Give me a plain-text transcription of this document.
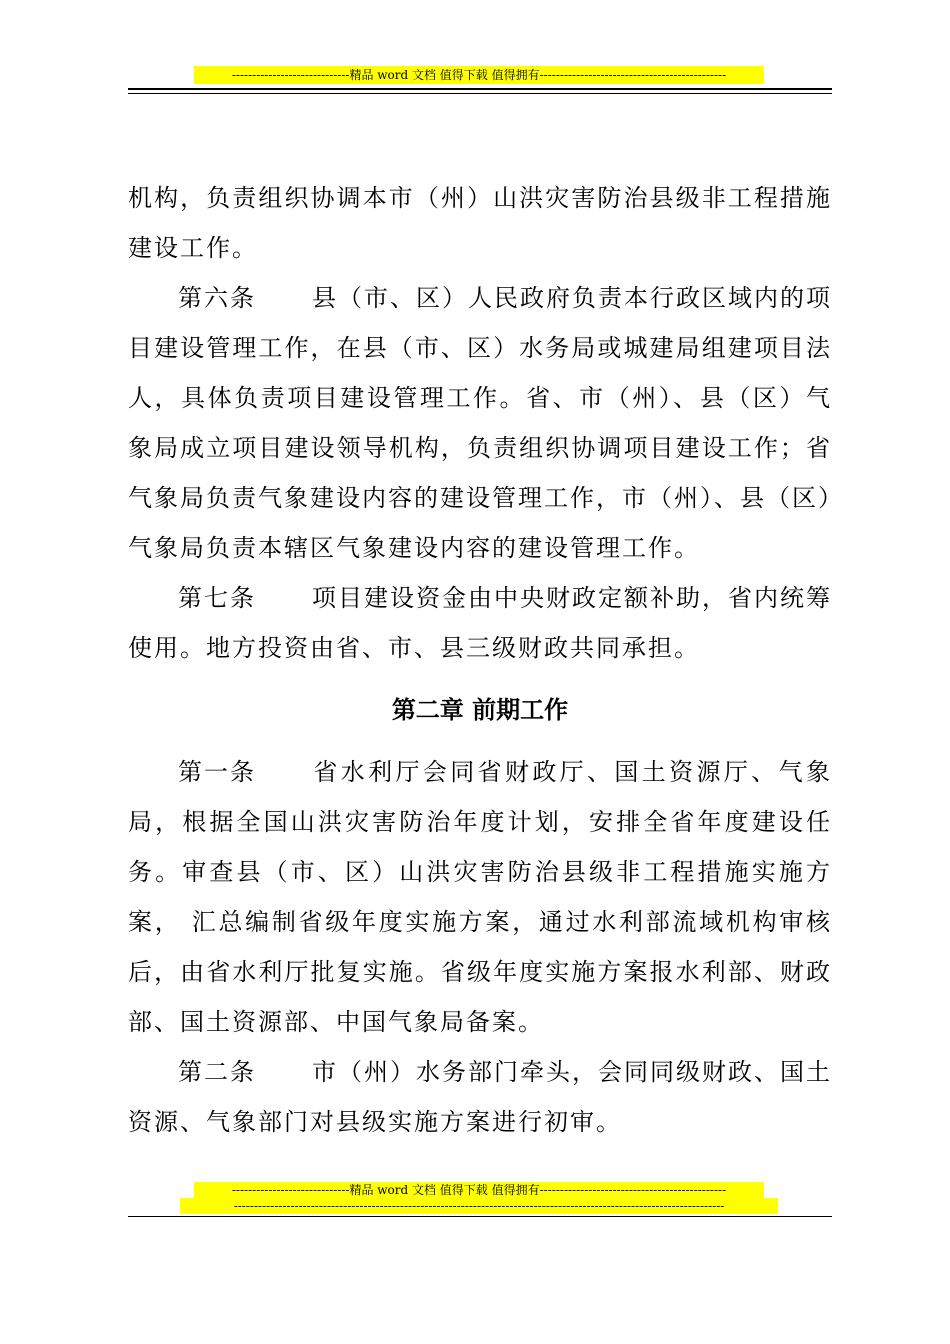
-----------------------------精品 word 文档 值得下载 值得拥有----------------------------------------------

机构，负责组织协调本市（州）山洪灾害防治县级非工程措施建设工作。

第六条 县（市、区）人民政府负责本行政区域内的项目建设管理工作，在县（市、区）水务局或城建局组建项目法人，具体负责项目建设管理工作。省、市（州）、县（区）气象局成立项目建设领导机构，负责组织协调项目建设工作；省气象局负责气象建设内容的建设管理工作，市（州）、县（区）气象局负责本辖区气象建设内容的建设管理工作。

第七条 项目建设资金由中央财政定额补助，省内统筹使用。地方投资由省、市、县三级财政共同承担。

第二章 前期工作

第一条 省水利厅会同省财政厅、国土资源厅、气象局，根据全国山洪灾害防治年度计划，安排全省年度建设任务。审查县（市、区）山洪灾害防治县级非工程措施实施方案， 汇总编制省级年度实施方案，通过水利部流域机构审核后，由省水利厅批复实施。省级年度实施方案报水利部、财政部、国土资源部、中国气象局备案。

第二条 市（州）水务部门牵头，会同同级财政、国土资源、气象部门对县级实施方案进行初审。

-----------------------------精品 word 文档 值得下载 值得拥有----------------------------------------------
-------------------------------------------------------------------------------------------------------------------------
